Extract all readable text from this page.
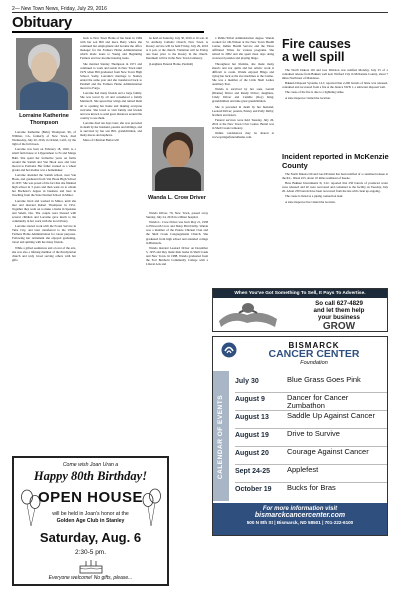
2— New Town News, Friday, July 29, 2016
Obituary
Lorraine Katherine Thompson

Lorraine Katherine (Bahr) Thompson, 96, of Willmar, CA, formerly of New Town, died Wednesday, July 20, 2016, in Orland, Calif., by the light of the full moon.

Lorraine was born on February 18, 1920, to a small farm house at Lilypotsmeet to Fe and Marge Bahr. She spent her formative years on farms around the Sanish and Van Hook area and later moved to Portland. Her father worked as a wheat grader and her mother was a homemaker.

Lorraine attended the Sanish school, near Van Hook, and graduated from Van Hook High School in 1937. She was proud of the fact that she finished high school in 3 years and then went on to obtain her Bachelor's degree in business and later in Teaching from the State Normal School in Minot.

Lorraine lived and worked in Minot, until she met and married Robert Thompson in 1951. Together they went on to make a home in Spokane and Salem, Ore. The couple were blessed with several children and Lorraine gave much to the community in her work with the local library.

Lorraine started work with the Forest Service in Tuba City, and later transferred to the USDA Farmers Home Administration for career purposes. Following her retirement she enjoyed gardening, travel and quilting with her many friends.

While a gifted seamstress and a lover of the arts, she was also a lifelong member of the Presbyterian church and truly loved serving others with her gifts.

back to New Town Home of her heart in 1969 with her son Bill and niece Betty where she continued her employment and became the office manager for the Farmers Home Administration which made loans to Young and Beginning Farmers and low income housing loans.

She married Stanley Thompson in 1971 and continued to work and reside in New Town until 1979 when Bill graduated from New Town High School. Sadly, Lorraine's marriage to Stanley ended the same year and she transferred back to Parshall and the Farmers Home Administration moved to Fargo.

Lorraine had many friends and a large family. She was loved by all and considered a family Matriarch. She spread her wings and turned them all to opening her home and making everyone welcome. She loved to visit family and friends and was known to send great distances around the country to see them.

Lorraine died ten days later; she was preceded in death by her husband, parents and siblings, and is survived by her son Bill, grandchildren, and many nieces and nephews.

Mass of Christian Burial will

be held on Saturday, July 30, 2016 at 10 a.m. in St. Anthony Catholic Church, New Town. A Rosary service will be held Friday, July 29, 2016 at 6 p.m. at the church. Visitation will be Friday one hour prior to the Rosary in the church. Interment will be in the New Town Cemetery.

(Langhans Funeral Home, Parshall)

Wanda L. Crow Driver

Wanda Driver, 79, New Town, passed away Sunday, July 24, 2016 in a Minot hospital.

Wanda L. Crow Driver was born May 21, 1938 to Ellsworth Crow and Daisy Bird Dalby. Wanda was a member of the Prairie Chicken Clan and the Shell Creek Congregational Church. She graduated from high school and attended college in Bismarck.

Wanda married Leonard Driver on December 5, 1955 and they made their home in Shell Creek and New Town. In 1988, Wanda graduated from the Fort Berthold Community College with a Liberal Arts and

a Public/Tribal Administration degree. Wanda worked for Oh-Wilson at the New Town Health Center, Indian Health Service and the Three Affiliated Tribes for various programs. She retired in 2002 and she spent most days doing crossword puzzles and playing bingo.

Throughout her lifetime, she made many shawls and star quilts and her artistic work is difficult to count. Wanda enjoyed Bingo and trying her luck at the slot machines at the Casino. She was a member of the Little Shell Ladies Auxiliary Post.

Wanda is survived by her sons, Gerald (Dianne) Driver and Randy Driver; daughters, Cindy Driver and Camille (Roy) King; grandchildren and nine great grandchildren.

She is preceded in death by her husband, Leonard Driver; parents, Ensley and Polly Dalby; brothers and sisters.

Funeral services were held Tuesday, July 26, 2016 at the New Town Civic Center. Burial was in Shell Creek Cemetery.

Online condolences may be shared at www.springerfuneralhome.com.

Fire causes
a well spill

The North Dakota Oil and Gas Division was notified Monday, July 25 of a contained release from Bakken well near Watford City in McKenzie County, about 7 miles Northwest of Mandaree.

Bakken Disposal Systems, LLC reported that 2,200 barrels of brine was released, contained and recovered from a fire at the Jessica SWD 1, a saltwater disposal well.

The cause of the fire is due to a lightning strike.

A state inspector visited the location.

Incident reported in McKenzie County

The North Dakota Oil and Gas Division has been notified of a contained release at the R.L. Olson #15, about 10 miles southeast of Keene.

Hess Bakken Investments II, LLC reported that 250 barrels of produced water were released and 20 were recovered and contained to the facility on Tuesday, July 26. About 230 barrels have been recovered from the site with clean up ongoing.

The cause is listed as a piping connection leak.

A state inspector has visited the location.

When You've Got Something To Sell, It Pays To Advertise.
So call 627-4829
and let them help
your business
GROW
BISMARCK
CANCER CENTER
Foundation
CALENDAR OF EVENTS
July 30	Blue Grass Goes Pink
August 9	Dancer for Cancer Zumbathon
August 13	Saddle Up Against Cancer
August 19	Drive to Survive
August 20	Courage Against Cancer
Sept 24-25	Applefest
October 19	Bucks for Bras
For more information visit
bismarckcancercenter.com
500 N 8th St | Bismarck, ND 58501 | 701-222-6100
Come wish Joan Uran a
Happy 80th Birthday!
OPEN HOUSE
will be held in Joan's honor at the
Golden Age Club in Stanley
Saturday, Aug. 6
2:30-5 pm.
Everyone welcome! No gifts, please...
